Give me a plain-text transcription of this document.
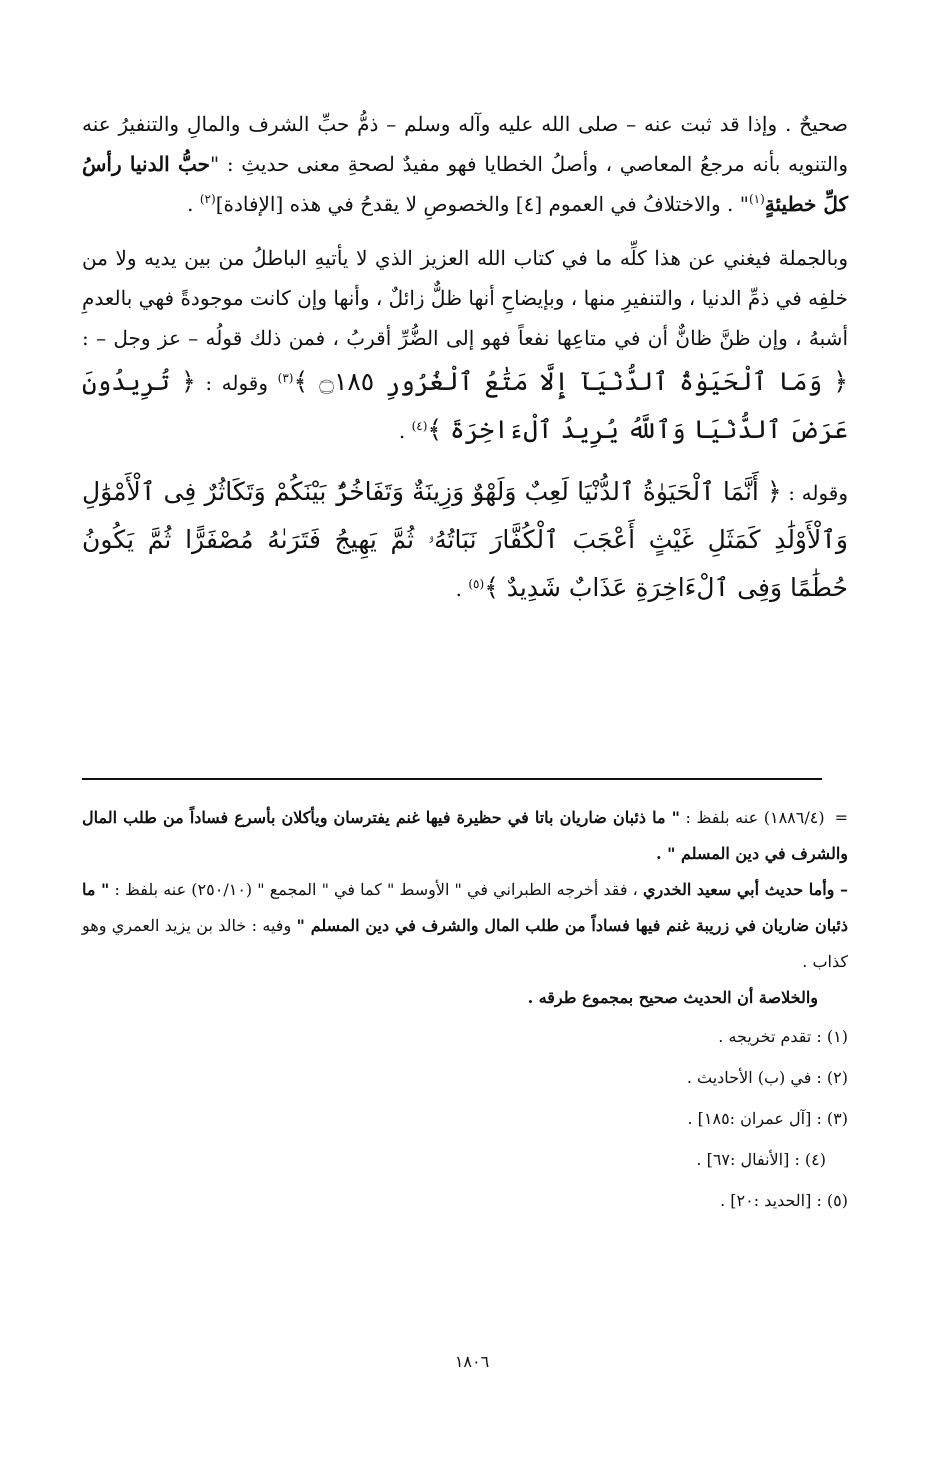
صحيحٌ . وإذا قد ثبت عنه – صلى الله عليه وآله وسلم – ذمُّ حبِّ الشرف والمالِ والتنفيرُ عنه والتنويه بأنه مرجعُ المعاصي ، وأصلُ الخطايا فهو مفيدٌ لصحةِ معنى حديثِ : "حبُّ الدنيا رأسُ كلِّ خطيئةٍ$^{(١)}$" . والاختلافُ في العموم [٤] والخصوصِ لا يقدحُ في هذه [الإفادة]$^{(٢)}$ .

وبالجملة فيغني عن هذا كلِّه ما في كتاب الله العزيز الذي لا يأتيهِ الباطلُ من بين يديه ولا من خلفِه في ذمِّ الدنيا ، والتنفيرِ منها ، وبإيضاحِ أنها ظلٌّ زائلٌ ، وأنها وإن كانت موجودةً فهي بالعدمِ أشبهُ ، وإن ظنَّ ظانٌّ أن في متاعِها نفعاً فهو إلى الضُّرِّ أقربُ ، فمن ذلك قولُه – عز وجل – : ﴿ وَمَا ٱلْحَيَوٰةُ ٱلدُّنْيَآ إِلَّا مَتَٰعُ ٱلْغُرُورِ ۝١٨٥ ﴾$^{(٣)}$ وقوله : ﴿ تُرِيدُونَ عَرَضَ ٱلدُّنْيَا وَٱللَّهُ يُرِيدُ ٱلْءَاخِرَةَ ﴾$^{(٤)}$ .

وقوله : ﴿ أَنَّمَا ٱلْحَيَوٰةُ ٱلدُّنْيَا لَعِبٌ وَلَهْوٌ وَزِينَةٌ وَتَفَاخُرٌۢ بَيْنَكُمْ وَتَكَاثُرٌ فِى ٱلْأَمْوَٰلِ وَٱلْأَوْلَٰدِ كَمَثَلِ غَيْثٍ أَعْجَبَ ٱلْكُفَّارَ نَبَاتُهُۥ ثُمَّ يَهِيجُ فَتَرَىٰهُ مُصْفَرًّا ثُمَّ يَكُونُ حُطَٰمًا وَفِى ٱلْءَاخِرَةِ عَذَابٌ شَدِيدٌ ﴾$^{(٥)}$ .

=(١٨٨٦/٤) عنه بلفظ : " ما ذئبان ضاريان باتا في حظيرة فيها غنم يفترسان ويأكلان بأسرع فساداً من طلب المال والشرف في دين المسلم " .

– وأما حديث أبي سعيد الخدري ، فقد أخرجه الطبراني في " الأوسط " كما في " المجمع " (٢٥٠/١٠) عنه بلفظ : " ما ذئبان ضاريان في زريبة غنم فيها فساداً من طلب المال والشرف في دين المسلم " وفيه : خالد بن يزيد العمري وهو كذاب .

والخلاصة أن الحديث صحيح بمجموع طرقه .

(١) : تقدم تخريجه .

(٢) : في (ب) الأحاديث .

(٣) : [آل عمران :١٨٥] .

(٤) : [الأنفال :٦٧] .

(٥) : [الحديد :٢٠] .

١٨٠٦
